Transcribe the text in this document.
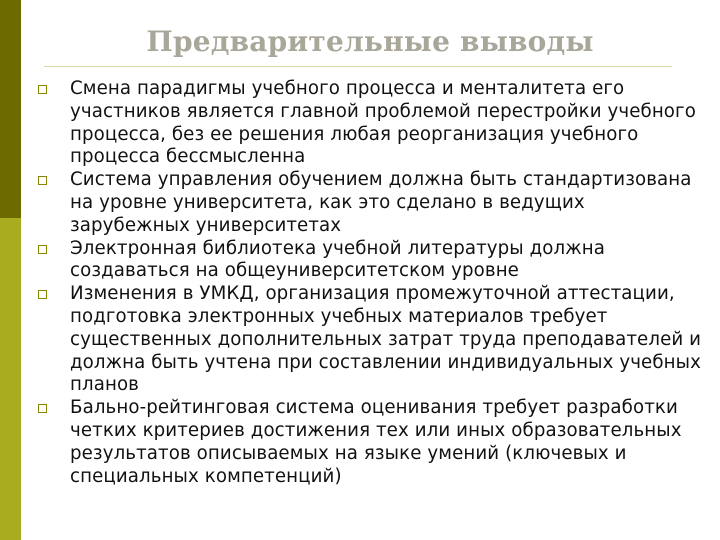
Предварительные выводы
Смена парадигмы учебного процесса и менталитета его участников является главной проблемой перестройки учебного процесса, без ее решения любая реорганизация учебного процесса бессмысленна
Система управления обучением должна быть стандартизована на уровне университета, как это сделано в ведущих зарубежных университетах
Электронная библиотека учебной литературы должна создаваться на общеуниверситетском уровне
Изменения в УМКД, организация промежуточной аттестации, подготовка электронных учебных материалов требует существенных дополнительных затрат труда преподавателей и должна быть учтена при составлении индивидуальных учебных планов
Бально-рейтинговая система оценивания требует разработки четких критериев достижения тех или иных образовательных результатов описываемых на языке умений (ключевых и специальных компетенций)
